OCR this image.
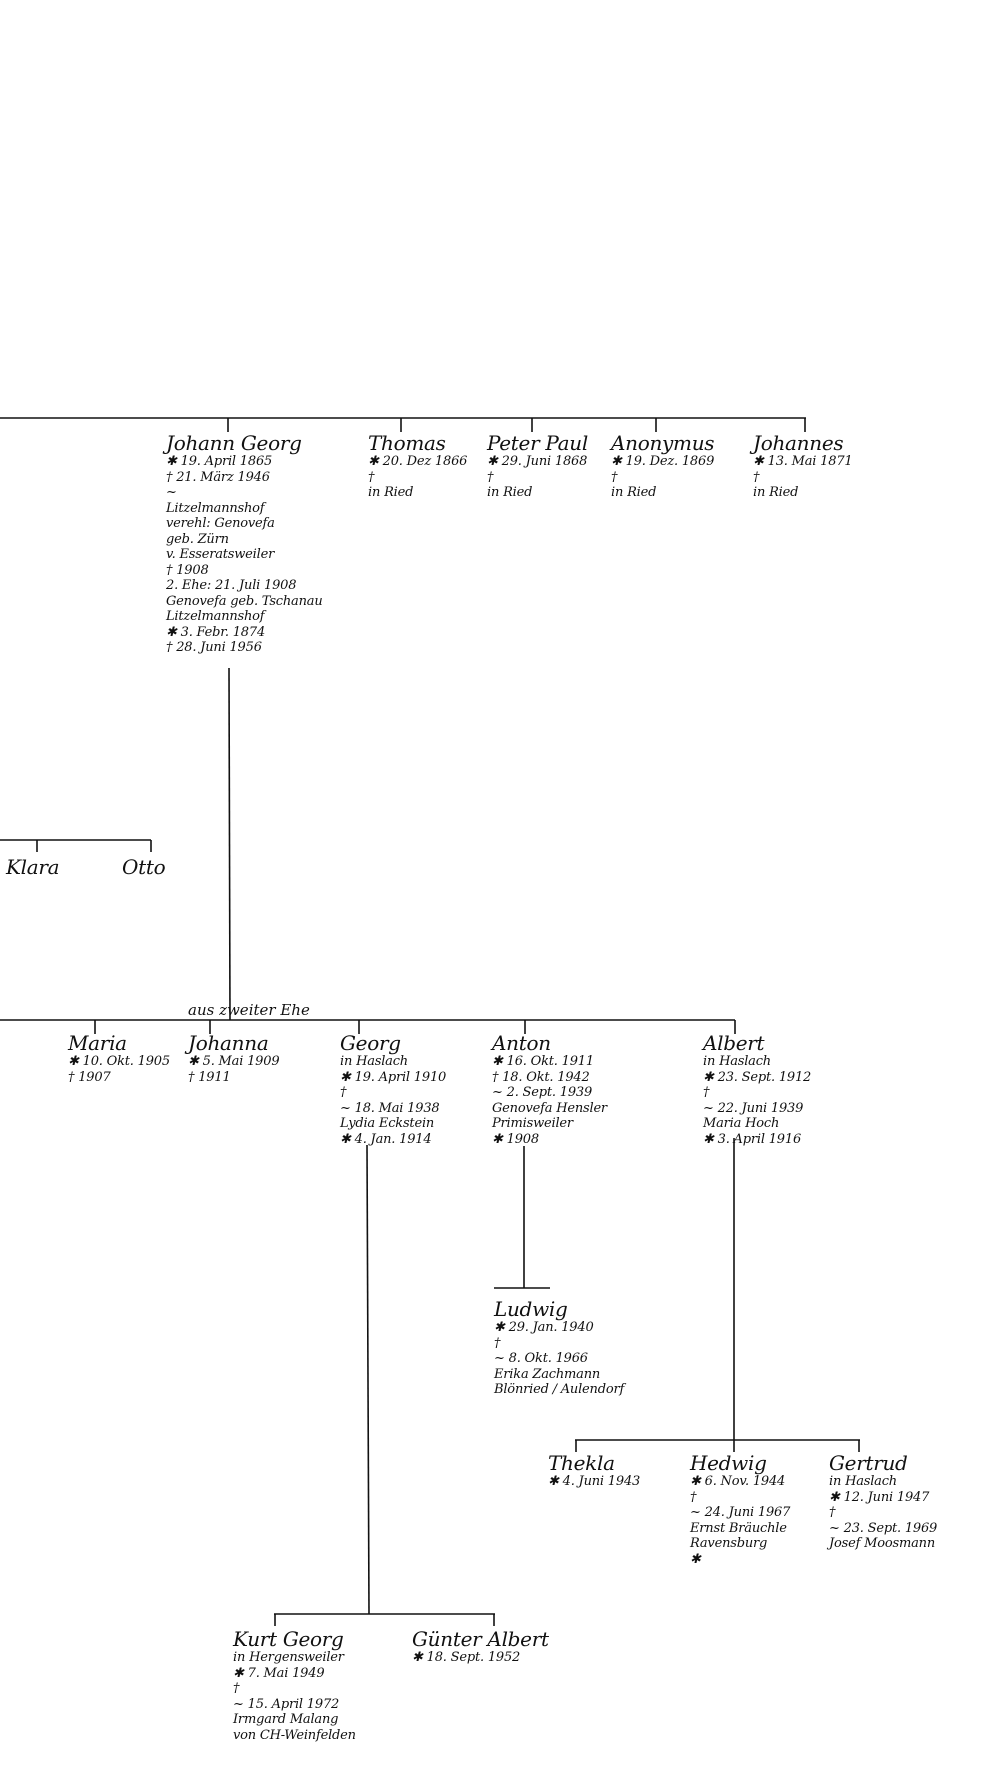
Johann Georg
✱ 19. April 1865
† 21. März 1946
~
Litzelmannshof
verehl: Genovefa
geb. Zürn
v. Esseratsweiler
† 1908
2. Ehe: 21. Juli 1908
Genovefa geb. Tschanau
Litzelmannshof
✱ 3. Febr. 1874
† 28. Juni 1956
Thomas
✱ 20. Dez 1866
†
in Ried
Peter Paul
✱ 29. Juni 1868
†
in Ried
Anonymus
✱ 19. Dez. 1869
†
in Ried
Johannes
✱ 13. Mai 1871
†
in Ried
Klara	Otto
aus zweiter Ehe
Maria
✱ 10. Okt. 1905
† 1907
Johanna
✱ 5. Mai 1909
† 1911
Georg
in Haslach
✱ 19. April 1910
†
~ 18. Mai 1938
Lydia Eckstein
✱ 4. Jan. 1914
Anton
✱ 16. Okt. 1911
† 18. Okt. 1942
~ 2. Sept. 1939
Genovefa Hensler
Primisweiler
✱ 1908
Albert
in Haslach
✱ 23. Sept. 1912
†
~ 22. Juni 1939
Maria Hoch
✱ 3. April 1916
Ludwig
✱ 29. Jan. 1940
†
~ 8. Okt. 1966
Erika Zachmann
Blönried / Aulendorf
Thekla
✱ 4. Juni 1943
Hedwig
✱ 6. Nov. 1944
†
~ 24. Juni 1967
Ernst Bräuchle
Ravensburg
✱
Gertrud
in Haslach
✱ 12. Juni 1947
†
~ 23. Sept. 1969
Josef Moosmann
Kurt Georg
in Hergensweiler
✱ 7. Mai 1949
†
~ 15. April 1972
Irmgard Malang
von CH-Weinfelden
Günter Albert
✱ 18. Sept. 1952
